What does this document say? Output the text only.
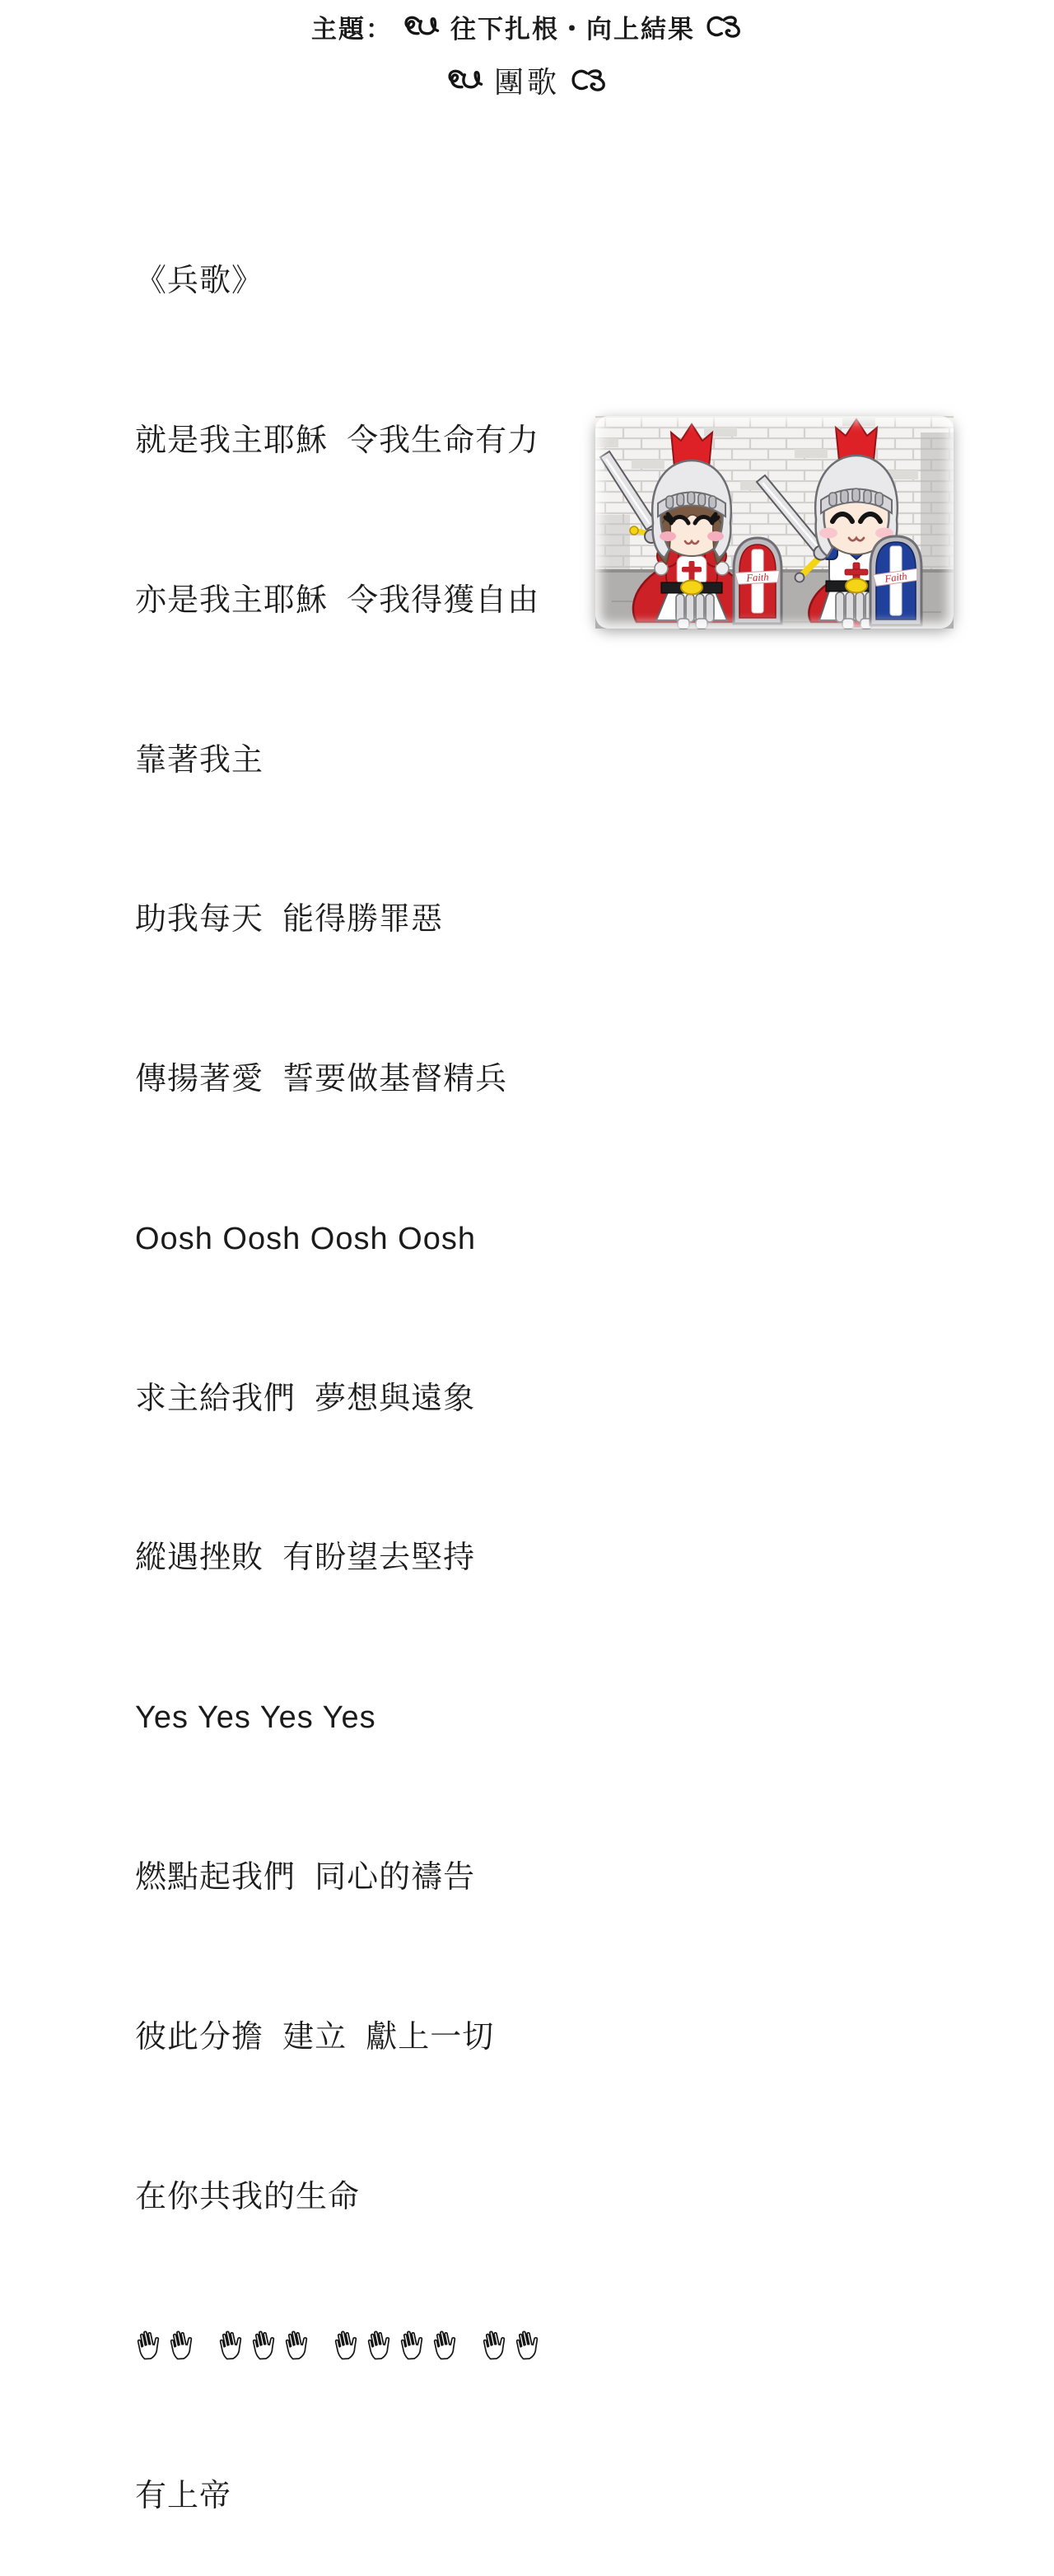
主題： 往下扎根・向上結果
團歌

《兵歌》

就是我主耶穌  令我生命有力

亦是我主耶穌  令我得獲自由

靠著我主

助我每天  能得勝罪惡

傳揚著愛  誓要做基督精兵

Oosh Oosh Oosh Oosh

求主給我們  夢想與遠象

縱遇挫敗  有盼望去堅持

Yes Yes Yes Yes

燃點起我們  同心的禱告

彼此分擔  建立  獻上一切

在你共我的生命

有上帝

Faith	Faith
